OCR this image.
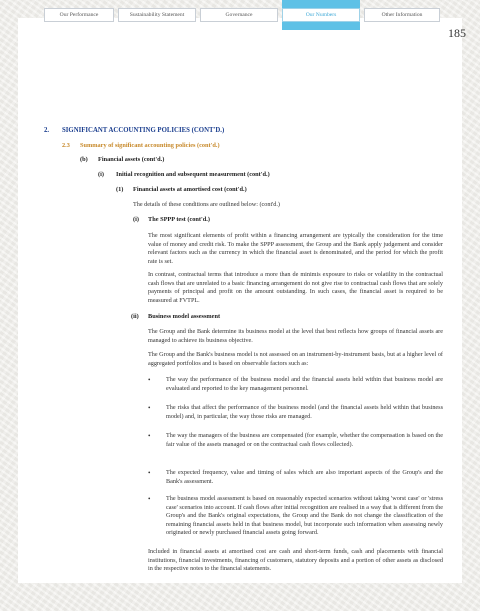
Our Performance	Sustainability Statement	Governance	Our Numbers	Other Information
185
2. SIGNIFICANT ACCOUNTING POLICIES (CONT'D.)
2.3 Summary of significant accounting policies (cont'd.)
(b) Financial assets (cont'd.)
(i) Initial recognition and subsequent measurement (cont'd.)
(1) Financial assets at amortised cost (cont'd.)

The details of these conditions are outlined below: (cont'd.)

(i) The SPPP test (cont'd.)

The most significant elements of profit within a financing arrangement are typically the consideration for the time value of money and credit risk. To make the SPPP assessment, the Group and the Bank apply judgement and consider relevant factors such as the currency in which the financial asset is denominated, and the period for which the profit rate is set.

In contrast, contractual terms that introduce a more than de minimis exposure to risks or volatility in the contractual cash flows that are unrelated to a basic financing arrangement do not give rise to contractual cash flows that are solely payments of principal and profit on the amount outstanding. In such cases, the financial asset is required to be measured at FVTPL.

(ii) Business model assessment

The Group and the Bank determine its business model at the level that best reflects how groups of financial assets are managed to achieve its business objective.

The Group and the Bank's business model is not assessed on an instrument-by-instrument basis, but at a higher level of aggregated portfolios and is based on observable factors such as:

•	The way the performance of the business model and the financial assets held within that business model are evaluated and reported to the key management personnel.

•	The risks that affect the performance of the business model (and the financial assets held within that business model) and, in particular, the way those risks are managed.

•	The way the managers of the business are compensated (for example, whether the compensation is based on the fair value of the assets managed or on the contractual cash flows collected).

•	The expected frequency, value and timing of sales which are also important aspects of the Group's and the Bank's assessment.

•	The business model assessment is based on reasonably expected scenarios without taking 'worst case' or 'stress case' scenarios into account. If cash flows after initial recognition are realised in a way that is different from the Group's and the Bank's original expectations, the Group and the Bank do not change the classification of the remaining financial assets held in that business model, but incorporate such information when assessing newly originated or newly purchased financial assets going forward.

Included in financial assets at amortised cost are cash and short-term funds, cash and placements with financial institutions, financial investments, financing of customers, statutory deposits and a portion of other assets as disclosed in the respective notes to the financial statements.
